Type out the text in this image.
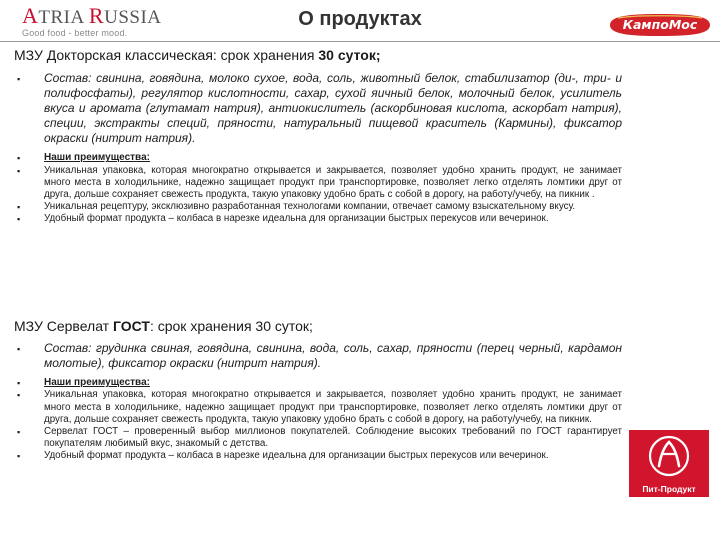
ATRIA RUSSIA
Good food - better mood.
О продуктах	КампоМос
МЗУ Докторская классическая: срок хранения 30 суток;
▪ Состав: свинина, говядина, молоко сухое, вода, соль, животный белок, стабилизатор (ди-, три- и полифосфаты), регулятор кислотности, сахар, сухой яичный белок, молочный белок, усилитель вкуса и аромата (глутамат натрия), антиокислитель (аскорбиновая кислота, аскорбат натрия), специи, экстракты специй, пряности, натуральный пищевой краситель (Кармины), фиксатор окраски (нитрит натрия).
▪ Наши преимущества:
▪ Уникальная упаковка, которая многократно открывается и закрывается, позволяет удобно хранить продукт, не занимает много места в холодильнике, надежно защищает продукт при транспортировке, позволяет легко отделять ломтики друг от друга, дольше сохраняет свежесть продукта, такую упаковку удобно брать с собой в дорогу, на работу/учебу, на пикник .
▪ Уникальная рецептуру, эксклюзивно разработанная технологами компании, отвечает самому взыскательному вкусу.
▪ Удобный формат продукта – колбаса в нарезке идеальна для организации быстрых перекусов или вечеринок.
МЗУ Сервелат ГОСТ: срок хранения 30 суток;
▪ Состав: грудинка свиная, говядина, свинина, вода, соль, сахар, пряности (перец черный, кардамон молотые), фиксатор окраски (нитрит натрия).
▪ Наши преимущества:
▪ Уникальная упаковка, которая многократно открывается и закрывается, позволяет удобно хранить продукт, не занимает много места в холодильнике, надежно защищает продукт при транспортировке, позволяет легко отделять ломтики друг от друга, дольше сохраняет свежесть продукта, такую упаковку удобно брать с собой в дорогу, на работу/учебу, на пикник.
▪ Сервелат ГОСТ – проверенный выбор миллионов покупателей. Соблюдение высоких требований по ГОСТ гарантирует покупателям любимый вкус, знакомый с детства.
▪ Удобный формат продукта – колбаса в нарезке идеальна для организации быстрых перекусов или вечеринок.
Пит-Продукт
